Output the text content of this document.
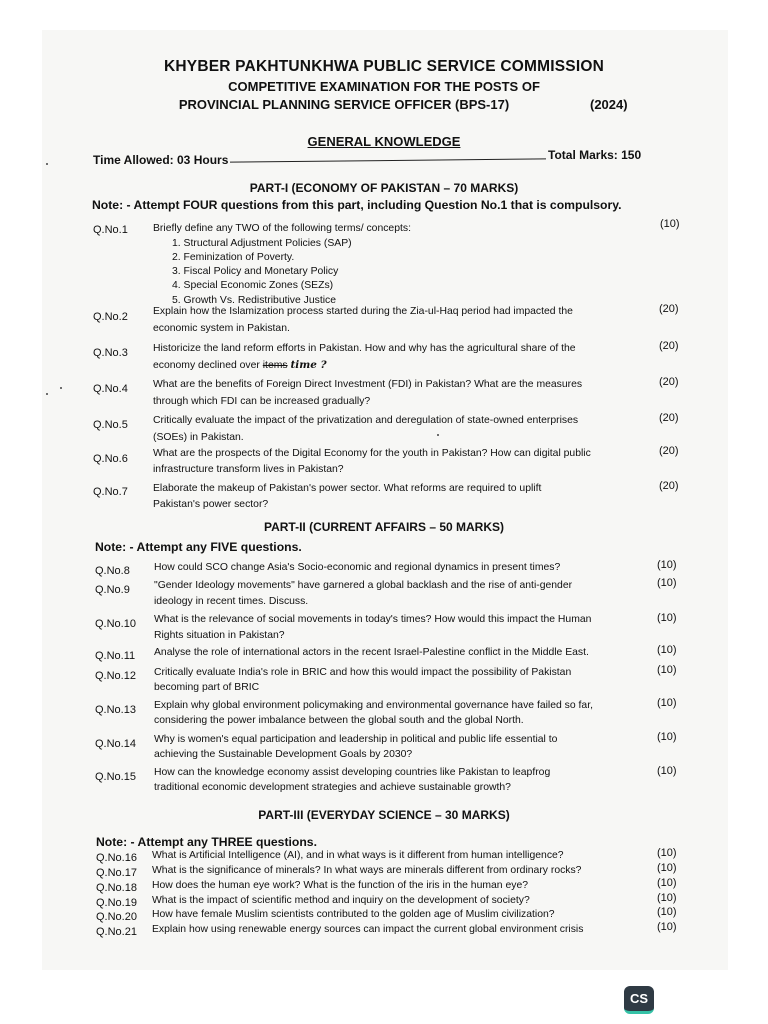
KHYBER PAKHTUNKHWA PUBLIC SERVICE COMMISSION
COMPETITIVE EXAMINATION FOR THE POSTS OF
PROVINCIAL PLANNING SERVICE OFFICER (BPS-17)	(2024)
GENERAL KNOWLEDGE
Time Allowed: 03 Hours	Total Marks: 150
PART-I (ECONOMY OF PAKISTAN – 70 MARKS)
Note: - Attempt FOUR questions from this part, including Question No.1 that is compulsory.
Q.No.1 Briefly define any TWO of the following terms/ concepts:	(10)
1. Structural Adjustment Policies (SAP)
2. Feminization of Poverty.
3. Fiscal Policy and Monetary Policy
4. Special Economic Zones (SEZs)
5. Growth Vs. Redistributive Justice
Q.No.2 Explain how the Islamization process started during the Zia-ul-Haq period had impacted the
economic system in Pakistan.
(20)
Q.No.3 Historicize the land reform efforts in Pakistan. How and why has the agricultural share of the
economy declined over items time ?
(20)
Q.No.4 What are the benefits of Foreign Direct Investment (FDI) in Pakistan? What are the measures
through which FDI can be increased gradually?
(20)
Q.No.5 Critically evaluate the impact of the privatization and deregulation of state-owned enterprises
(SOEs) in Pakistan.
(20)
Q.No.6 What are the prospects of the Digital Economy for the youth in Pakistan? How can digital public
infrastructure transform lives in Pakistan?
(20)
Q.No.7 Elaborate the makeup of Pakistan's power sector. What reforms are required to uplift
Pakistan's power sector?
(20)
PART-II (CURRENT AFFAIRS – 50 MARKS)
Note: - Attempt any FIVE questions.
Q.No.8 How could SCO change Asia's Socio-economic and regional dynamics in present times?	(10)
Q.No.9 "Gender Ideology movements" have garnered a global backlash and the rise of anti-gender
ideology in recent times. Discuss.
(10)
Q.No.10 What is the relevance of social movements in today's times? How would this impact the Human
Rights situation in Pakistan?
(10)
Q.No.11 Analyse the role of international actors in the recent Israel-Palestine conflict in the Middle East.	(10)
Q.No.12 Critically evaluate India's role in BRIC and how this would impact the possibility of Pakistan
becoming part of BRIC
(10)
Q.No.13 Explain why global environment policymaking and environmental governance have failed so far,
considering the power imbalance between the global south and the global North.
(10)
Q.No.14 Why is women's equal participation and leadership in political and public life essential to
achieving the Sustainable Development Goals by 2030?
(10)
Q.No.15 How can the knowledge economy assist developing countries like Pakistan to leapfrog
traditional economic development strategies and achieve sustainable growth?
(10)
PART-III (EVERYDAY SCIENCE – 30 MARKS)
Note: - Attempt any THREE questions.
Q.No.16 What is Artificial Intelligence (AI), and in what ways is it different from human intelligence?	(10)
Q.No.17 What is the significance of minerals? In what ways are minerals different from ordinary rocks?	(10)
Q.No.18 How does the human eye work? What is the function of the iris in the human eye?	(10)
Q.No.19 What is the impact of scientific method and inquiry on the development of society?	(10)
Q.No.20 How have female Muslim scientists contributed to the golden age of Muslim civilization?	(10)
Q.No.21 Explain how using renewable energy sources can impact the current global environment crisis	(10)
CS
